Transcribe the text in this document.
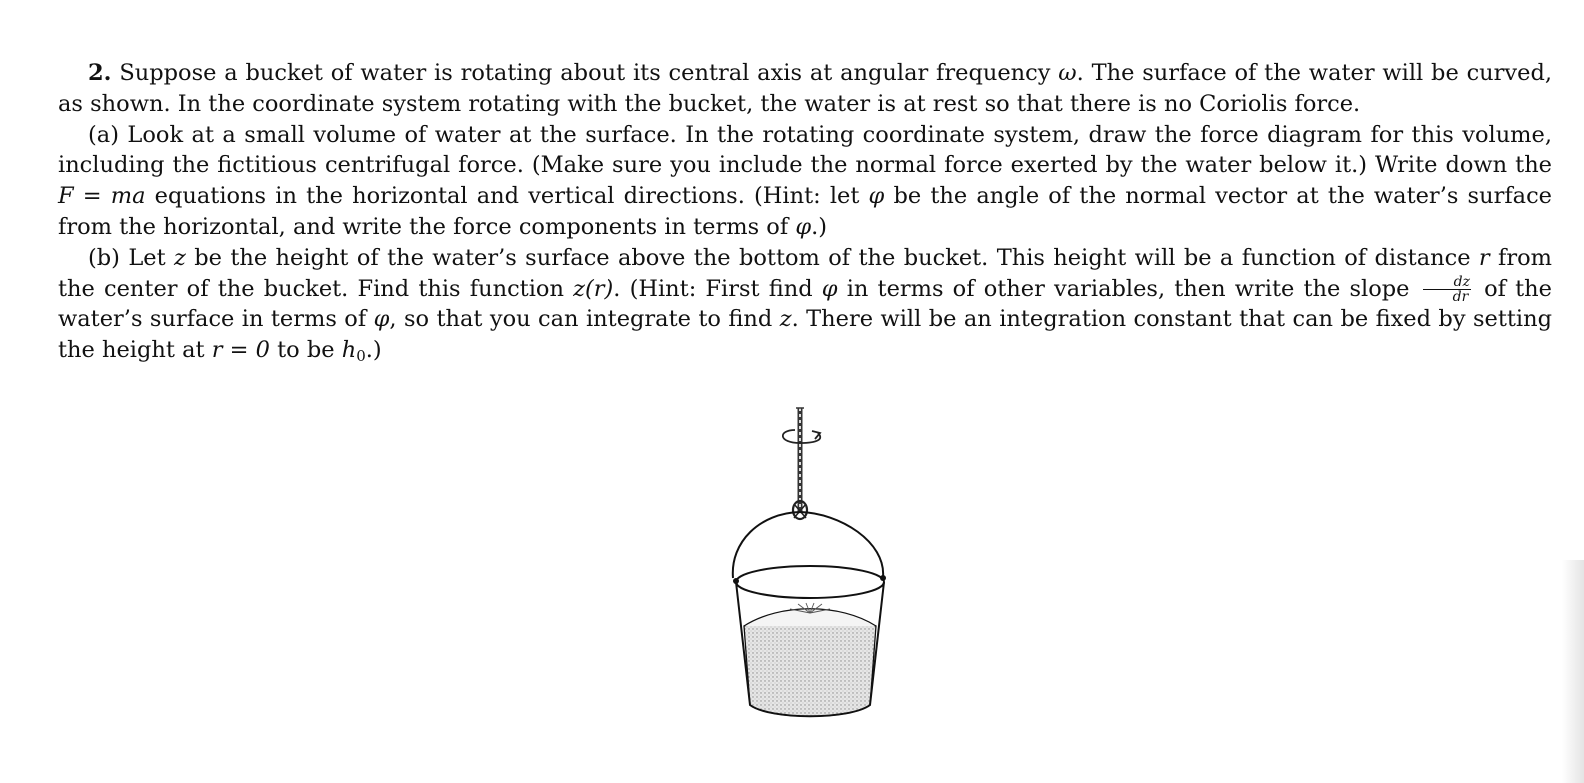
2. Suppose a bucket of water is rotating about its central axis at angular frequency ω. The surface of the water will be curved, as shown. In the coordinate system rotating with the bucket, the water is at rest so that there is no Coriolis force.

(a) Look at a small volume of water at the surface. In the rotating coordinate system, draw the force diagram for this volume, including the fictitious centrifugal force. (Make sure you include the normal force exerted by the water below it.) Write down the F = ma equations in the horizontal and vertical directions. (Hint: let φ be the angle of the normal vector at the water’s surface from the horizontal, and write the force components in terms of φ.)

(b) Let z be the height of the water’s surface above the bottom of the bucket. This height will be a function of distance r from the center of the bucket. Find this function z(r). (Hint: First find φ in terms of other variables, then write the slope $\frac{dz}{dr}$ of the water’s surface in terms of φ, so that you can integrate to find z. There will be an integration constant that can be fixed by setting the height at r = 0 to be h0.)
